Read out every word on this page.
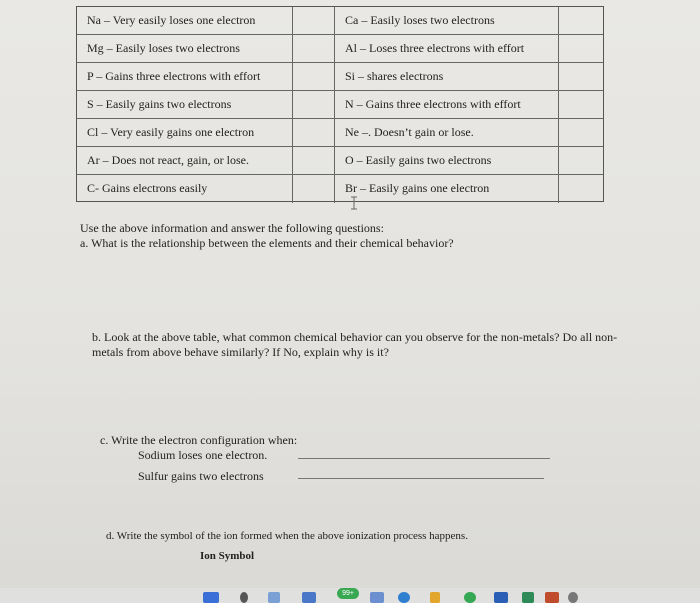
Na – Very easily loses one electron	Ca – Easily loses two electrons
Mg – Easily loses two electrons	Al – Loses three electrons with effort
P – Gains three electrons with effort	Si – shares electrons
S – Easily gains two electrons	N – Gains three electrons with effort
Cl – Very easily gains one electron	Ne –. Doesn’t gain or lose.
Ar – Does not react, gain, or lose.	O – Easily gains two electrons
C- Gains electrons easily	Br – Easily gains one electron
Use the above information and answer the following questions:
a. What is the relationship between the elements and their chemical behavior?
b. Look at the above table, what common chemical behavior can you observe for the non-metals? Do all non-
metals from above behave similarly? If No, explain why is it?
c. Write the electron configuration when:
Sodium loses one electron.
Sulfur gains two electrons
d. Write the symbol of the ion formed when the above ionization process happens.
Ion Symbol
99+
